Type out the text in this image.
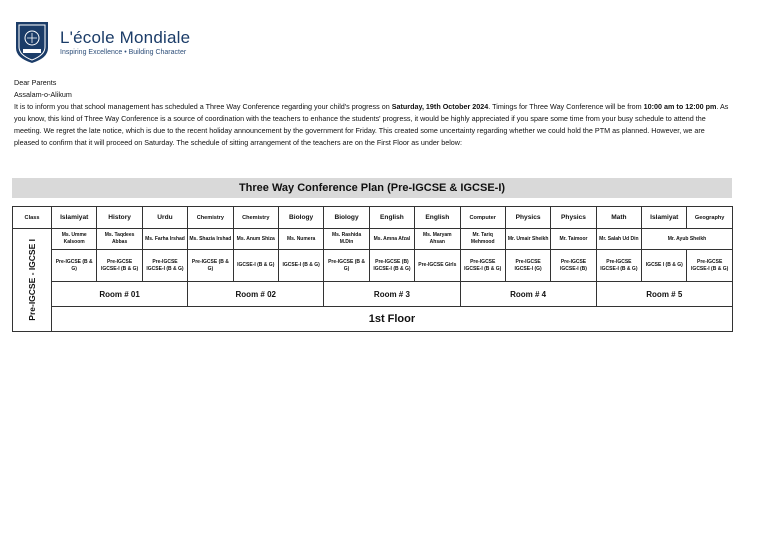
L'école Mondiale
Inspiring Excellence • Building Character

Dear Parents

Assalam-o-Alikum

It is to inform you that school management has scheduled a Three Way Conference regarding your child's progress on Saturday, 19th October 2024. Timings for Three Way Conference will be from 10:00 am to 12:00 pm. As you know, this kind of Three Way Conference is a source of coordination with the teachers to enhance the students' progress, it would be highly appreciated if you spare some time from your busy schedule to attend the meeting. We regret the late notice, which is due to the recent holiday announcement by the government for Friday. This created some uncertainty regarding whether we could hold the PTM as planned. However, we are pleased to confirm that it will proceed on Saturday. The schedule of sitting arrangement of the teachers are on the First Floor as under below:

Three Way Conference Plan (Pre-IGCSE & IGCSE-I)
Class	Islamiyat	History	Urdu	Chemistry	Chemistry	Biology	Biology	English	English	Computer	Physics	Physics	Math	Islamiyat	Geography

Pre-IGCSE - IGCSE I	Ms. Umme Kalsoom	Ms. Taqdees Abbas	Ms. Farha Irshad	Ms. Shazia Irshad	Ms. Anum Shiza	Ms. Numera	Ms. Rashida M.Din	Ms. Amna Afzal	Ms. Maryam Ahsan	Mr. Tariq Mehmood	Mr. Umair Sheikh	Mr. Taimoor	Mr. Salah Ud Din	Mr. Ayub Sheikh	
	Pre-IGCSE (B & G)	Pre-IGCSE IGCSE-I (B & G)	Pre-IGCSE IGCSE-I (B & G)	Pre-IGCSE (B & G)	IGCSE-I (B & G)	IGCSE-I (B & G)	Pre-IGCSE (B & G)	Pre-IGCSE (B) IGCSE-I (B & G)	Pre-IGCSE Girls	Pre-IGCSE IGCSE-I (B & G)	Pre-IGCSE IGCSE-I (G)	Pre-IGCSE IGCSE-I (B)	Pre-IGCSE IGCSE-I (B & G)	IGCSE I (B & G)	Pre-IGCSE IGCSE-I (B & G)
	Room # 01			Room # 02			Room # 3			Room # 4			Room # 5		
	1st Floor														
